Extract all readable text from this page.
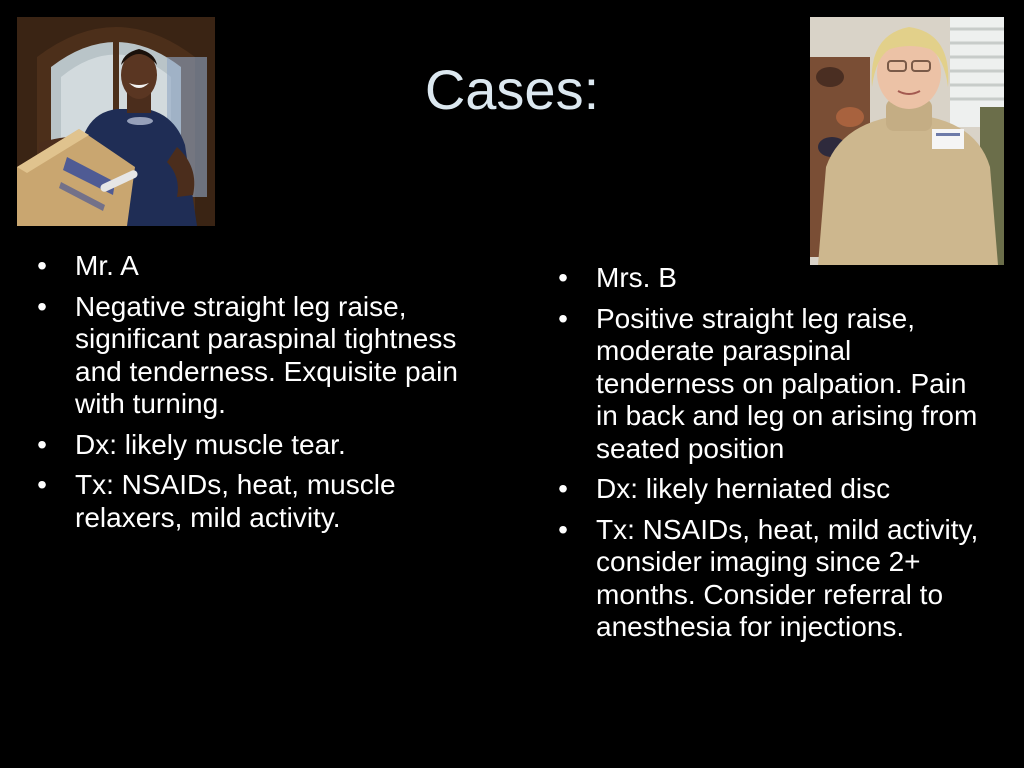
Cases:
• Mr. A
• Negative straight leg raise, significant paraspinal tightness and tenderness. Exquisite pain with turning.
• Dx: likely muscle tear.
• Tx: NSAIDs, heat, muscle relaxers, mild activity.
• Mrs. B
• Positive straight leg raise, moderate paraspinal tenderness on palpation. Pain in back and leg on arising from seated position
• Dx: likely herniated disc
• Tx: NSAIDs, heat, mild activity, consider imaging since 2+ months. Consider referral to anesthesia for injections.
